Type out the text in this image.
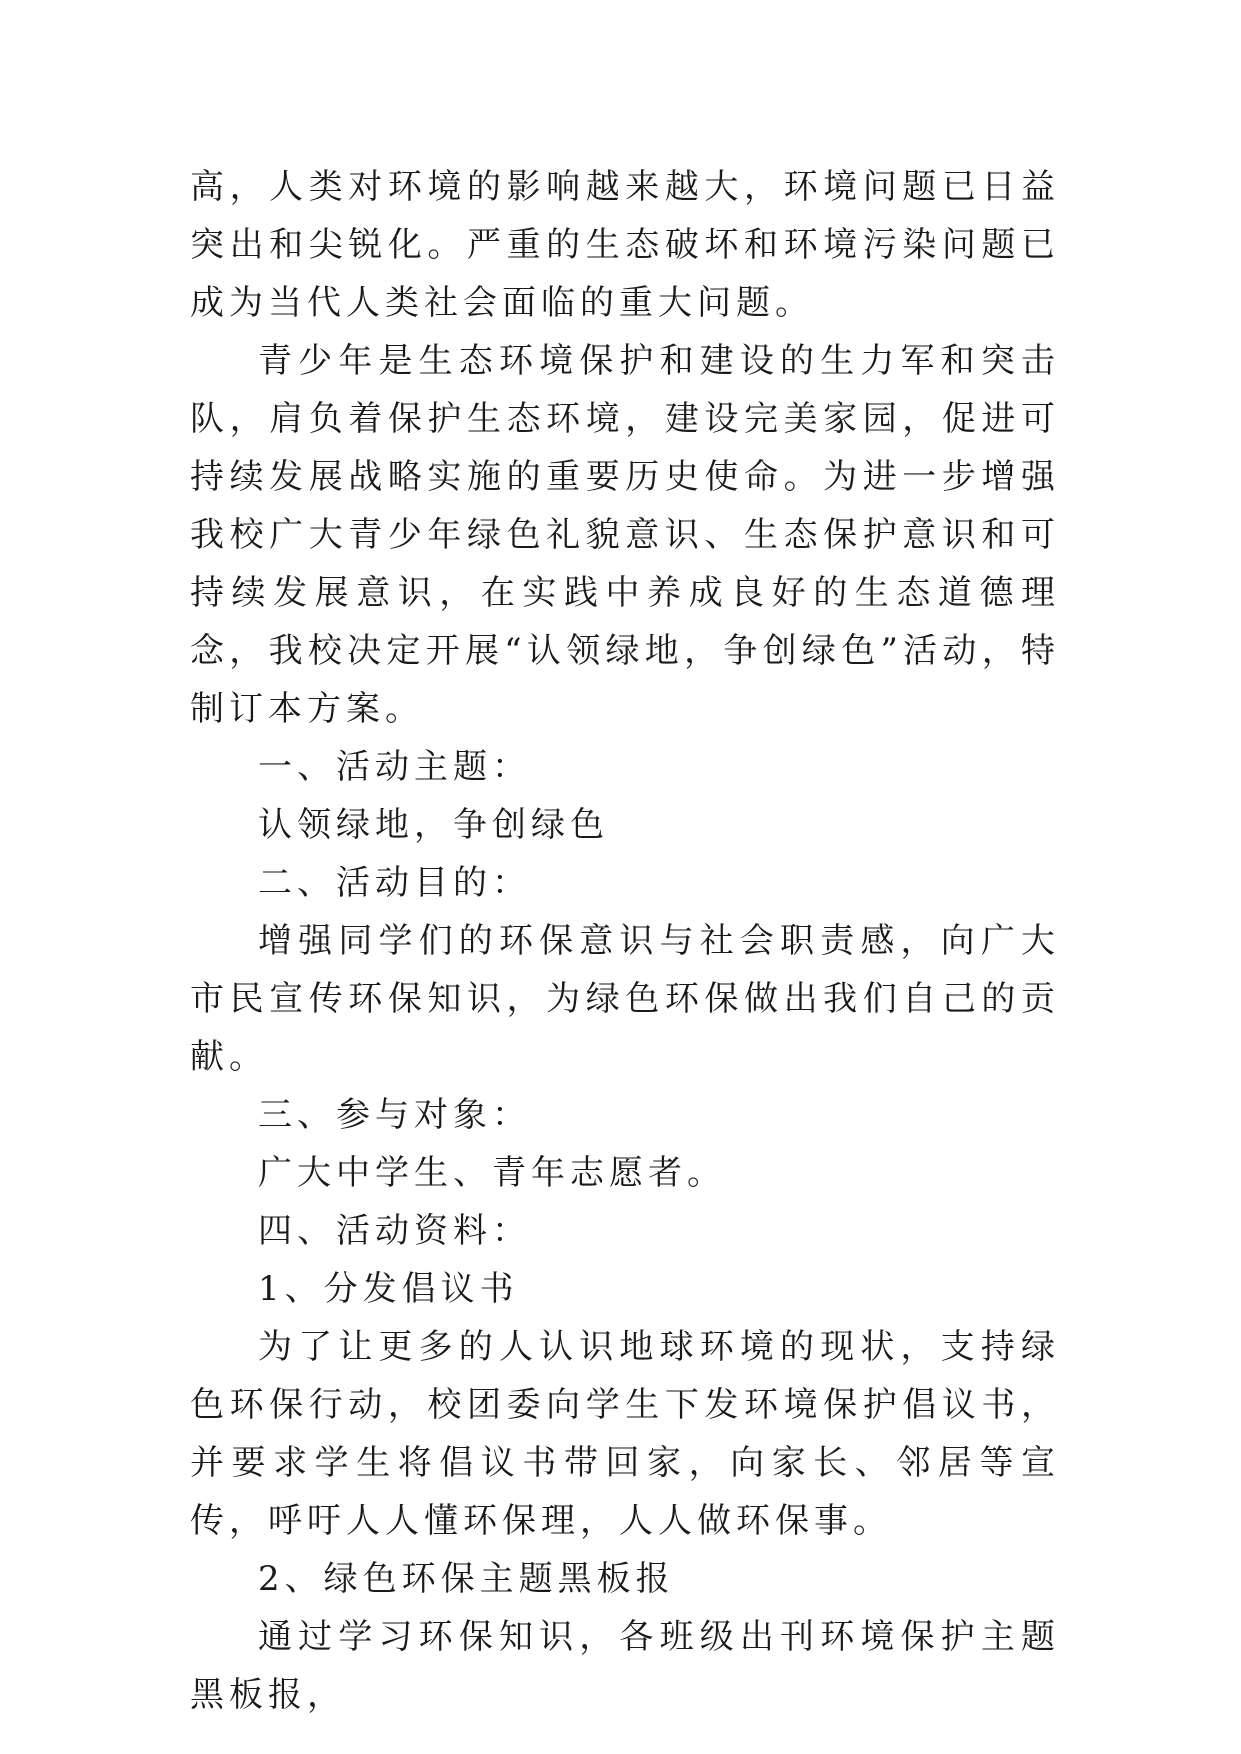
高，人类对环境的影响越来越大，环境问题已日益突出和尖锐化。严重的生态破坏和环境污染问题已成为当代人类社会面临的重大问题。

青少年是生态环境保护和建设的生力军和突击队，肩负着保护生态环境，建设完美家园，促进可持续发展战略实施的重要历史使命。为进一步增强我校广大青少年绿色礼貌意识、生态保护意识和可持续发展意识，在实践中养成良好的生态道德理念，我校决定开展“认领绿地，争创绿色”活动，特制订本方案。

一、活动主题：

认领绿地，争创绿色

二、活动目的：

增强同学们的环保意识与社会职责感，向广大市民宣传环保知识，为绿色环保做出我们自己的贡献。

三、参与对象：

广大中学生、青年志愿者。

四、活动资料：

1、分发倡议书

为了让更多的人认识地球环境的现状，支持绿色环保行动，校团委向学生下发环境保护倡议书，并要求学生将倡议书带回家，向家长、邻居等宣传，呼吁人人懂环保理，人人做环保事。

2、绿色环保主题黑板报

通过学习环保知识，各班级出刊环境保护主题黑板报，
